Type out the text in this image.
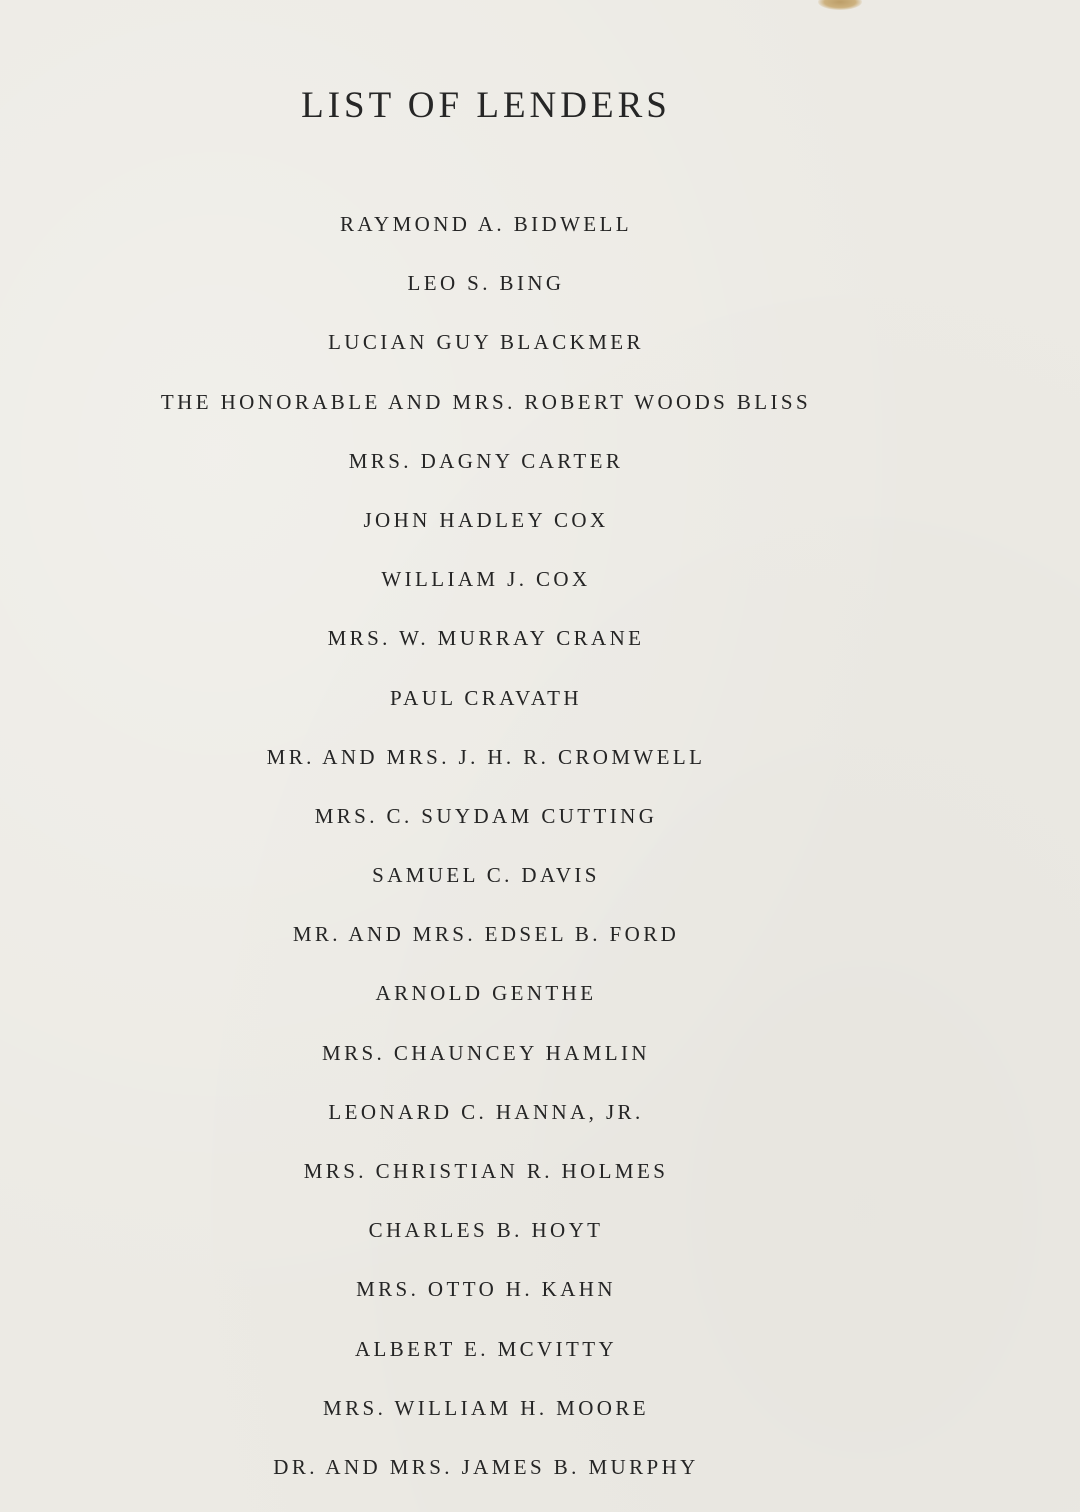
LIST OF LENDERS
RAYMOND A. BIDWELL
LEO S. BING
LUCIAN GUY BLACKMER
THE HONORABLE AND MRS. ROBERT WOODS BLISS
MRS. DAGNY CARTER
JOHN HADLEY COX
WILLIAM J. COX
MRS. W. MURRAY CRANE
PAUL CRAVATH
MR. AND MRS. J. H. R. CROMWELL
MRS. C. SUYDAM CUTTING
SAMUEL C. DAVIS
MR. AND MRS. EDSEL B. FORD
ARNOLD GENTHE
MRS. CHAUNCEY HAMLIN
LEONARD C. HANNA, JR.
MRS. CHRISTIAN R. HOLMES
CHARLES B. HOYT
MRS. OTTO H. KAHN
ALBERT E. MCVITTY
MRS. WILLIAM H. MOORE
DR. AND MRS. JAMES B. MURPHY
